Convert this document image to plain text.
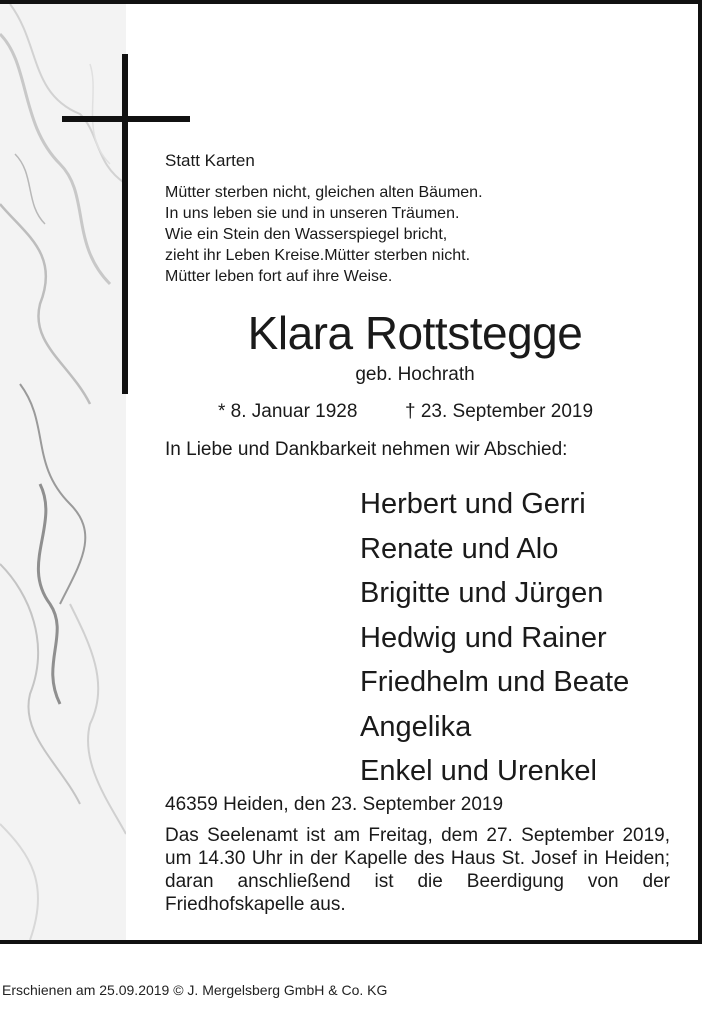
Statt Karten
Mütter sterben nicht, gleichen alten Bäumen.
In uns leben sie und in unseren Träumen.
Wie ein Stein den Wasserspiegel bricht,
zieht ihr Leben Kreise.Mütter sterben nicht.
Mütter leben fort auf ihre Weise.
Klara Rottstegge
geb. Hochrath
* 8. Januar 1928	† 23. September 2019
In Liebe und Dankbarkeit nehmen wir Abschied:
Herbert und Gerri
Renate und Alo
Brigitte und Jürgen
Hedwig und Rainer
Friedhelm und Beate
Angelika
Enkel und Urenkel
46359 Heiden, den 23. September 2019
Das Seelenamt ist am Freitag, dem 27. September 2019, um 14.30 Uhr in der Kapelle des Haus St. Josef in Heiden; daran anschließend ist die Beerdigung von der Friedhofskapelle aus.
Erschienen am 25.09.2019 © J. Mergelsberg GmbH & Co. KG
